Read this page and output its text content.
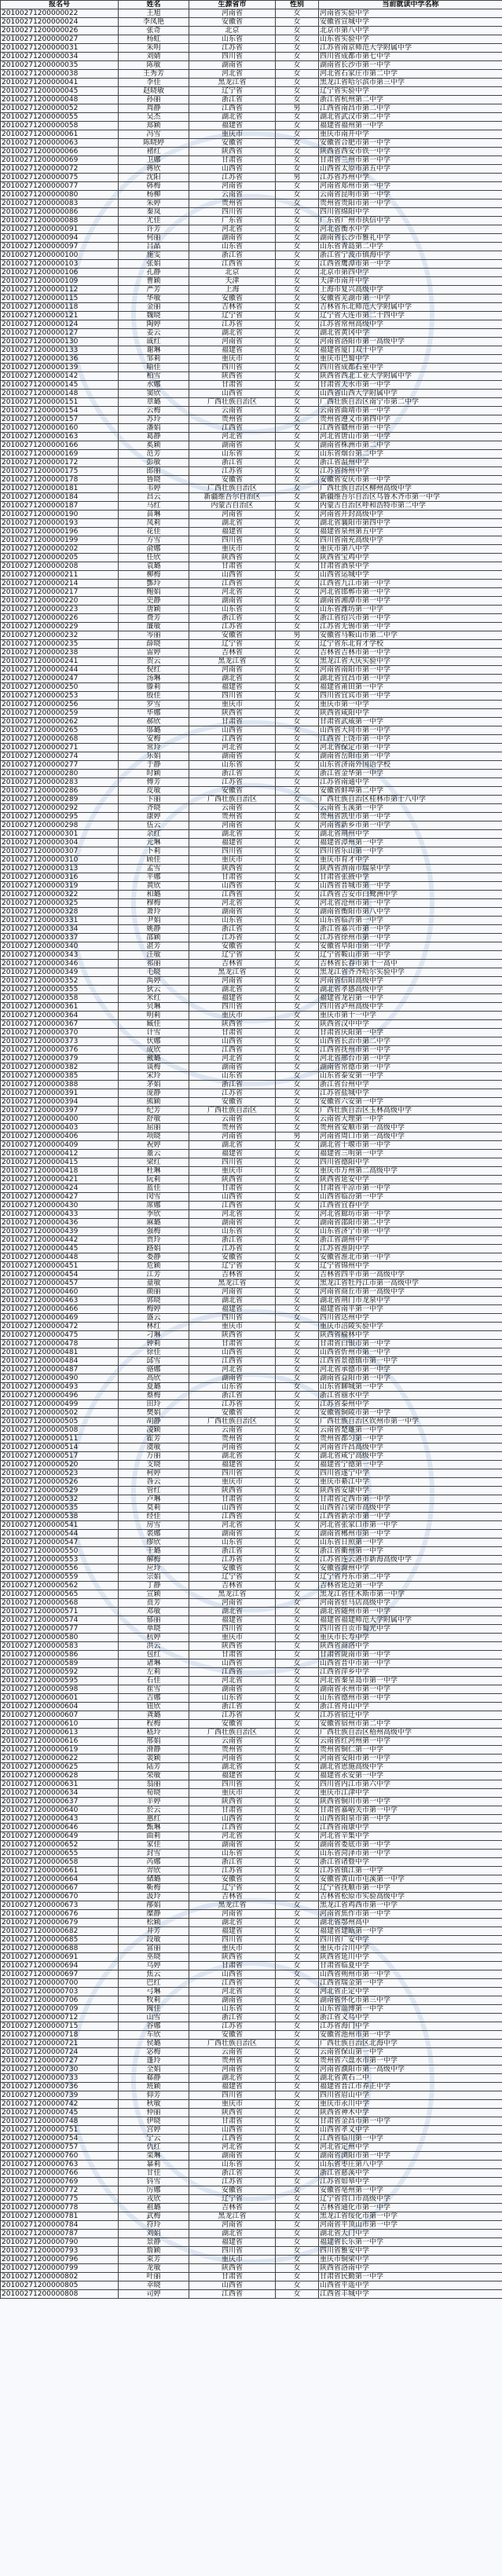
报名号	姓名	生源省市	性别	当前就读中学名称
20100271200000022	王旭	河南省	女	河南省实验中学
20100271200000024	李凤艳	安徽省	女	安徽省宣城中学
20100271200000026	张奇	北京	女	北京市第八中学
20100271200000027	杨虹	山东省	女	山东省实验中学
20100271200000031	朱明	江苏省	女	江苏省南京师范大学附属中学
20100271200000034	刘婧	四川省	女	四川省成都市第七中学
20100271200000035	陈敏	湖南省	女	湖南省长沙市第一中学
20100271200000038	王秀芳	河北省	女	河北省石家庄市第二中学
20100271200000041	李佳	黑龙江省	女	黑龙江省哈尔滨市第三中学
20100271200000045	赵晓敏	辽宁省	女	辽宁省实验中学
20100271200000048	孙丽	浙江省	女	浙江省杭州第二中学
20100271200000052	周静	江西省	男	江西省南昌市第二中学
20100271200000055	吴杰	湖北省	女	湖北省武汉市第二中学
20100271200000058	郑颖	福建省	女	福建省福州第一中学
20100271200000061	冯雪	重庆市	女	重庆市南开中学
20100271200000063	陈晓婷	安徽省	女	安徽省合肥市第一中学
20100271200000066	褚红	陕西省	女	陕西省西安市铁一中学
20100271200000069	卫娜	甘肃省	女	甘肃省兰州市第一中学
20100271200000072	蒋欣	山西省	女	山西省太原市第五中学
20100271200000075	沈阳	江苏省	男	江苏省苏州中学
20100271200000077	韩梅	河南省	女	河南省郑州市第一中学
20100271200000080	杨柳	云南省	女	云南省昆明市第一中学
20100271200000083	朱婷	贵州省	女	贵州省贵阳市第一中学
20100271200000086	秦岚	四川省	女	四川省绵阳中学
20100271200000088	尤佳	广东省	女	广东省广州市执信中学
20100271200000091	许芳	河北省	女	河北省衡水中学
20100271200000094	何丽	湖南省	女	湖南省长沙市雅礼中学
20100271200000097	吕晶	山东省	女	山东省青岛第二中学
20100271200000100	施雯	浙江省	女	浙江省宁波市镇海中学
20100271200000103	张娟	江西省	女	江西省鹰潭市第一中学
20100271200000106	孔静	北京	女	北京市第四中学
20100271200000109	曹颖	天津	女	天津市南开中学
20100271200000112	严芳	上海	女	上海市复兴高级中学
20100271200000115	华敏	安徽省	女	安徽省芜湖市第一中学
20100271200000118	金丽	吉林省	女	吉林省东北师范大学附属中学
20100271200000121	魏晓	辽宁省	女	辽宁省大连市第二十四中学
20100271200000124	陶婷	江苏省	女	江苏省常州高级中学
20100271200000127	姜云	湖北省	女	湖北省黄冈中学
20100271200000130	戚红	河南省	女	河南省洛阳市第一高级中学
20100271200000133	谢琳	福建省	女	福建省厦门双十中学
20100271200000136	邹莉	重庆市	女	重庆市巴蜀中学
20100271200000139	喻佳	四川省	女	四川省成都石室中学
20100271200000142	柏雪	陕西省	女	陕西省西北工业大学附属中学
20100271200000145	水娜	甘肃省	女	甘肃省天水市第一中学
20100271200000148	窦欣	山西省	女	山西省山西大学附属中学
20100271200000151	章璐	广西壮族自治区	女	广西壮族自治区南宁市第二中学
20100271200000154	云梅	云南省	女	云南省曲靖市第一中学
20100271200000157	苏玲	贵州省	女	贵州省遵义市第四中学
20100271200000160	潘娟	江西省	女	江西省赣州市第一中学
20100271200000163	葛静	河北省	女	河北省唐山市第一中学
20100271200000166	奚颖	湖南省	女	湖南省株洲市第二中学
20100271200000169	范芳	山东省	女	山东省烟台第二中学
20100271200000172	彭敏	浙江省	女	浙江省温州中学
20100271200000175	郎丽	江苏省	女	江苏省扬州中学
20100271200000178	鲁晓	安徽省	女	安徽省安庆市第一中学
20100271200000181	韦婷	广西壮族自治区	女	广西壮族自治区柳州高级中学
20100271200000184	昌云	新疆维吾尔自治区	女	新疆维吾尔自治区乌鲁木齐市第一中学
20100271200000187	马红	内蒙古自治区	女	内蒙古自治区呼和浩特市第二中学
20100271200000190	苗琳	河南省	女	河南省开封高级中学
20100271200000193	凤莉	湖北省	女	湖北省襄阳市第四中学
20100271200000196	花佳	福建省	女	福建省泉州第五中学
20100271200000199	方雪	四川省	女	四川省南充高级中学
20100271200000202	俞娜	重庆市	女	重庆市第八中学
20100271200000205	任欣	陕西省	女	陕西省宝鸡中学
20100271200000208	袁璐	甘肃省	女	甘肃省酒泉中学
20100271200000211	柳梅	山西省	女	山西省运城中学
20100271200000214	酆玲	江西省	女	江西省九江市第一中学
20100271200000217	鲍娟	河北省	女	河北省邯郸市第一中学
20100271200000220	史静	湖南省	女	湖南省湘潭市第一中学
20100271200000223	唐颖	山东省	女	山东省潍坊第一中学
20100271200000226	费芳	浙江省	女	浙江省绍兴市第一中学
20100271200000229	廉敏	江苏省	女	江苏省无锡市第一中学
20100271200000232	岑丽	安徽省	男	安徽省马鞍山市第二中学
20100271200000235	薛晓	辽宁省	女	辽宁省东北育才学校
20100271200000238	雷婷	吉林省	女	吉林省吉林市第一中学
20100271200000241	贺云	黑龙江省	女	黑龙江省大庆实验中学
20100271200000244	倪红	河南省	女	河南省南阳市第一中学
20100271200000247	汤琳	湖北省	女	湖北省宜昌市第一中学
20100271200000250	滕莉	福建省	女	福建省莆田第一中学
20100271200000253	殷佳	四川省	女	四川省宜宾市第一中学
20100271200000256	罗雪	重庆市	女	重庆市第一中学
20100271200000259	毕娜	陕西省	女	陕西省咸阳中学
20100271200000262	郝欣	甘肃省	女	甘肃省武威第一中学
20100271200000265	邬璐	山西省	女	山西省大同市第一中学
20100271200000268	安梅	江西省	女	江西省上饶市第一中学
20100271200000271	常玲	河北省	女	河北省保定市第一中学
20100271200000274	乐娟	湖南省	女	湖南省岳阳市第一中学
20100271200000277	于静	山东省	女	山东省济南外国语学校
20100271200000280	时颖	浙江省	女	浙江省金华第一中学
20100271200000283	傅芳	江苏省	女	江苏省南通中学
20100271200000286	皮敏	安徽省	女	安徽省蚌埠第二中学
20100271200000289	卞丽	广西壮族自治区	女	广西壮族自治区桂林市第十八中学
20100271200000292	齐晓	云南省	女	云南省玉溪第一中学
20100271200000295	康婷	贵州省	女	贵州省凯里市第一中学
20100271200000298	伍云	河南省	女	河南省新乡市第一中学
20100271200000301	余红	湖北省	女	湖北省荆州中学
20100271200000304	元琳	福建省	女	福建省漳州第一中学
20100271200000307	卜莉	四川省	女	四川省乐山第一中学
20100271200000310	顾佳	重庆市	女	重庆市育才中学
20100271200000313	孟雪	陕西省	女	陕西省渭南市瑞泉中学
20100271200000316	平娜	甘肃省	女	甘肃省张掖中学
20100271200000319	黄欣	山西省	女	山西省晋城市第一中学
20100271200000322	和璐	江西省	女	江西省吉安市白鹭洲中学
20100271200000325	穆梅	河北省	女	河北省沧州市第一中学
20100271200000328	萧玲	湖南省	女	湖南省衡阳市第八中学
20100271200000331	尹娟	山东省	女	山东省临沂第一中学
20100271200000334	姚静	浙江省	女	浙江省嘉兴市第一中学
20100271200000337	邵颖	江苏省	女	江苏省徐州市第一中学
20100271200000340	湛芳	安徽省	女	安徽省阜阳市第一中学
20100271200000343	汪敏	辽宁省	女	辽宁省鞍山市第一中学
20100271200000346	祁丽	吉林省	女	吉林省长春市第十一高中
20100271200000349	毛晓	黑龙江省	女	黑龙江省齐齐哈尔实验中学
20100271200000352	禹婷	河南省	女	河南省信阳高级中学
20100271200000355	狄云	湖北省	女	湖北省孝感高级中学
20100271200000358	米红	福建省	女	福建省龙岩第一中学
20100271200000361	贝琳	四川省	女	四川省泸州高级中学
20100271200000364	明莉	重庆市	女	重庆市第十一中学
20100271200000367	臧佳	陕西省	女	陕西省汉中中学
20100271200000370	计雪	甘肃省	女	甘肃省庆阳第一中学
20100271200000373	伏娜	山西省	女	山西省长治市第二中学
20100271200000376	成欣	江西省	女	江西省抚州市第一中学
20100271200000379	戴璐	河北省	女	河北省邢台市第一中学
20100271200000382	谈梅	湖南省	女	湖南省常德市第一中学
20100271200000385	宋玲	山东省	女	山东省泰安第一中学
20100271200000388	茅娟	浙江省	女	浙江省台州中学
20100271200000391	庞静	江苏省	女	江苏省盐城中学
20100271200000394	熊颖	安徽省	女	安徽省六安第一中学
20100271200000397	纪芳	广西壮族自治区	女	广西壮族自治区玉林高级中学
20100271200000400	舒敏	云南省	女	云南省大理第一中学
20100271200000403	屈丽	贵州省	女	贵州省安顺市第一高级中学
20100271200000406	项晓	河南省	男	河南省周口市第一高级中学
20100271200000409	祝婷	湖北省	女	湖北省十堰市第一中学
20100271200000412	董云	福建省	女	福建省三明第一中学
20100271200000415	梁红	四川省	女	四川省德阳中学
20100271200000418	杜琳	重庆市	女	重庆市万州第二高级中学
20100271200000421	阮莉	陕西省	女	陕西省延安中学
20100271200000424	蓝佳	甘肃省	女	甘肃省平凉市第一中学
20100271200000427	闵雪	山西省	女	山西省临汾第一中学
20100271200000430	席娜	江西省	女	江西省宜春中学
20100271200000433	季欣	河北省	女	河北省廊坊市第一中学
20100271200000436	麻璐	湖南省	女	湖南省邵阳市第二中学
20100271200000439	强梅	山东省	女	山东省济宁市第一中学
20100271200000442	贾玲	浙江省	女	浙江省湖州中学
20100271200000445	路娟	江苏省	女	江苏省淮阴中学
20100271200000448	娄静	安徽省	女	安徽省淮北市第一中学
20100271200000451	危颖	辽宁省	女	辽宁省锦州中学
20100271200000454	江芳	吉林省	女	吉林省四平市第一高级中学
20100271200000457	童敏	黑龙江省	女	黑龙江省牡丹江市第一高级中学
20100271200000460	颜丽	河南省	女	河南省商丘市第一高级中学
20100271200000463	郭晓	湖北省	女	湖北省荆门市龙泉中学
20100271200000466	梅婷	福建省	女	福建省南平第一中学
20100271200000469	盛云	四川省	女	四川省达州中学
20100271200000472	林红	重庆市	女	重庆市涪陵实验中学
20100271200000475	刁琳	陕西省	女	陕西省榆林中学
20100271200000478	钟莉	甘肃省	女	甘肃省白银市第一中学
20100271200000481	徐佳	山西省	女	山西省忻州市第一中学
20100271200000484	邱雪	江西省	女	江西省景德镇市第一中学
20100271200000487	骆娜	河北省	女	河北省承德市第一中学
20100271200000490	高欣	湖南省	女	湖南省益阳市第一中学
20100271200000493	夏璐	山东省	女	山东省聊城第一中学
20100271200000496	蔡梅	浙江省	女	浙江省丽水中学
20100271200000499	田玲	江苏省	女	江苏省泰州中学
20100271200000502	樊娟	安徽省	女	安徽省铜陵市第一中学
20100271200000505	胡静	广西壮族自治区	女	广西壮族自治区钦州市第一中学
20100271200000508	凌颖	云南省	女	云南省楚雄第一中学
20100271200000511	霍芳	贵州省	女	贵州省都匀第一中学
20100271200000514	虞敏	河南省	女	河南省许昌高级中学
20100271200000517	万丽	湖北省	女	湖北省咸宁高级中学
20100271200000520	支晓	福建省	女	福建省宁德第一中学
20100271200000523	柯婷	四川省	女	四川省遂宁中学
20100271200000526	昝云	重庆市	女	重庆市綦江中学
20100271200000529	管红	陕西省	女	陕西省安康中学
20100271200000532	卢琳	甘肃省	女	甘肃省定西市第一中学
20100271200000535	莫莉	山西省	女	山西省吕梁市高级中学
20100271200000538	经佳	江西省	女	江西省新余市第一中学
20100271200000541	房雪	河北省	女	河北省张家口市第一中学
20100271200000544	裘娜	湖南省	女	湖南省郴州市第一中学
20100271200000547	缪欣	山东省	女	山东省日照第一中学
20100271200000550	干璐	浙江省	女	浙江省衢州第一中学
20100271200000553	解梅	江苏省	女	江苏省连云港市新海高级中学
20100271200000556	应玲	安徽省	女	安徽省滁州中学
20100271200000559	宗娟	辽宁省	女	辽宁省丹东市第二中学
20100271200000562	丁静	吉林省	女	吉林省延边第一中学
20100271200000565	宣颖	黑龙江省	女	黑龙江省佳木斯市第一中学
20100271200000568	贲芳	河南省	女	河南省驻马店高级中学
20100271200000571	邓敏	湖北省	女	湖北省随州市第一中学
20100271200000574	郁丽	福建省	女	福建省福建师范大学附属中学
20100271200000577	单晓	四川省	女	四川省自贡市蜀光中学
20100271200000580	杭婷	重庆市	女	重庆市长寿中学
20100271200000583	洪云	陕西省	女	陕西省商洛中学
20100271200000586	包红	甘肃省	女	甘肃省陇南市第一中学
20100271200000589	诸琳	山西省	女	山西省晋中市第一中学
20100271200000592	左莉	江西省	女	江西省萍乡中学
20100271200000595	石佳	河北省	女	河北省秦皇岛市第一中学
20100271200000598	崔雪	湖南省	女	湖南省永州市第一中学
20100271200000601	吉娜	山东省	女	山东省德州市第一中学
20100271200000604	钮欣	浙江省	女	浙江省舟山中学
20100271200000607	龚璐	江苏省	女	江苏省宿迁中学
20100271200000610	程梅	安徽省	女	安徽省宿州市第二中学
20100271200000613	嵇玲	广西壮族自治区	女	广西壮族自治区梧州高级中学
20100271200000616	邢娟	云南省	女	云南省红河州第一中学
20100271200000619	滑静	贵州省	女	贵州省铜仁第一中学
20100271200000622	裴颖	河南省	女	河南省安阳市第一中学
20100271200000625	陆芳	湖北省	女	湖北省恩施高级中学
20100271200000628	荣敏	福建省	女	福建省永安第一中学
20100271200000631	翁丽	四川省	女	四川省内江市第六中学
20100271200000634	荀晓	重庆市	女	重庆市江津中学
20100271200000637	羊婷	陕西省	女	陕西省铜川市第一中学
20100271200000640	於云	甘肃省	女	甘肃省嘉峪关市第一中学
20100271200000643	惠红	山西省	女	山西省阳泉市第一中学
20100271200000646	甄琳	江西省	女	江西省南康中学
20100271200000649	曲莉	河北省	女	河北省辛集中学
20100271200000652	家佳	湖南省	女	湖南省娄底市第一中学
20100271200000655	封雪	山东省	女	山东省菏泽市第一中学
20100271200000658	芮娜	浙江省	女	浙江省诸暨中学
20100271200000661	羿欣	江苏省	女	江苏省镇江第一中学
20100271200000664	储璐	安徽省	女	安徽省黄山市屯溪第一中学
20100271200000667	靳梅	辽宁省	女	辽宁省抚顺市第一中学
20100271200000670	汲玲	吉林省	女	吉林省松原市实验高级中学
20100271200000673	邴娟	黑龙江省	女	黑龙江省鸡西市第一中学
20100271200000676	糜静	河南省	女	河南省焦作市第一中学
20100271200000679	松颖	湖北省	女	湖北省鄂州高中
20100271200000682	井芳	福建省	女	福建省建瓯第一中学
20100271200000685	段敏	四川省	女	四川省广安中学
20100271200000688	富丽	重庆市	女	重庆市合川中学
20100271200000691	巫晓	陕西省	女	陕西省延川中学
20100271200000694	乌婷	甘肃省	女	甘肃省临夏中学
20100271200000697	焦云	山西省	女	山西省朔州市第一中学
20100271200000700	巴红	江西省	女	江西省瑞金第一中学
20100271200000703	弓琳	河北省	女	河北省正定中学
20100271200000706	牧莉	湖南省	女	湖南省怀化市第三中学
20100271200000709	隗佳	山东省	女	山东省淄博第一中学
20100271200000712	山雪	浙江省	女	浙江省义乌中学
20100271200000715	谷娜	江苏省	女	江苏省海门中学
20100271200000718	车欣	安徽省	女	安徽省池州市第一中学
20100271200000721	侯璐	广西壮族自治区	女	广西壮族自治区北海中学
20100271200000724	宓梅	云南省	女	云南省保山第一中学
20100271200000727	蓬玲	贵州省	女	贵州省六盘水市第一中学
20100271200000730	全娟	河南省	女	河南省濮阳市第一高级中学
20100271200000733	郗静	湖北省	女	湖北省黄石二中
20100271200000736	班颖	福建省	女	福建省晋江市养正中学
20100271200000739	仰芳	四川省	女	四川省眉山中学
20100271200000742	秋敏	重庆市	女	重庆市永川中学
20100271200000745	仲丽	陕西省	女	陕西省神木中学
20100271200000748	伊晓	甘肃省	女	甘肃省金昌市第一中学
20100271200000751	宫婷	山西省	女	山西省孝义中学
20100271200000754	宁云	江西省	女	江西省临川第一中学
20100271200000757	仇红	河北省	女	河北省定州中学
20100271200000760	栾琳	湖南省	女	湖南省浏阳市第一中学
20100271200000763	暴莉	山东省	女	山东省枣庄第八中学
20100271200000766	甘佳	浙江省	女	浙江省慈溪中学
20100271200000769	钭雪	江苏省	女	江苏省如皋中学
20100271200000772	厉娜	安徽省	女	安徽省亳州第一中学
20100271200000775	戎欣	辽宁省	女	辽宁省营口市高级中学
20100271200000778	祖璐	吉林省	女	吉林省通化市第一中学
20100271200000781	武梅	黑龙江省	女	黑龙江省绥化市第一中学
20100271200000784	符玲	河南省	女	河南省平顶山市第一中学
20100271200000787	刘娟	湖北省	女	湖北省天门中学
20100271200000790	景静	福建省	女	福建省长乐第一中学
20100271200000793	詹颖	四川省	女	四川省雅安中学
20100271200000796	束芳	重庆市	女	重庆市铜梁中学
20100271200000799	龙敏	陕西省	女	陕西省洛南中学
20100271200000802	叶丽	甘肃省	女	甘肃省民勤第一中学
20100271200000805	幸晓	山西省	女	山西省平遥中学
20100271200000808	司婷	江西省	女	江西省丰城中学
